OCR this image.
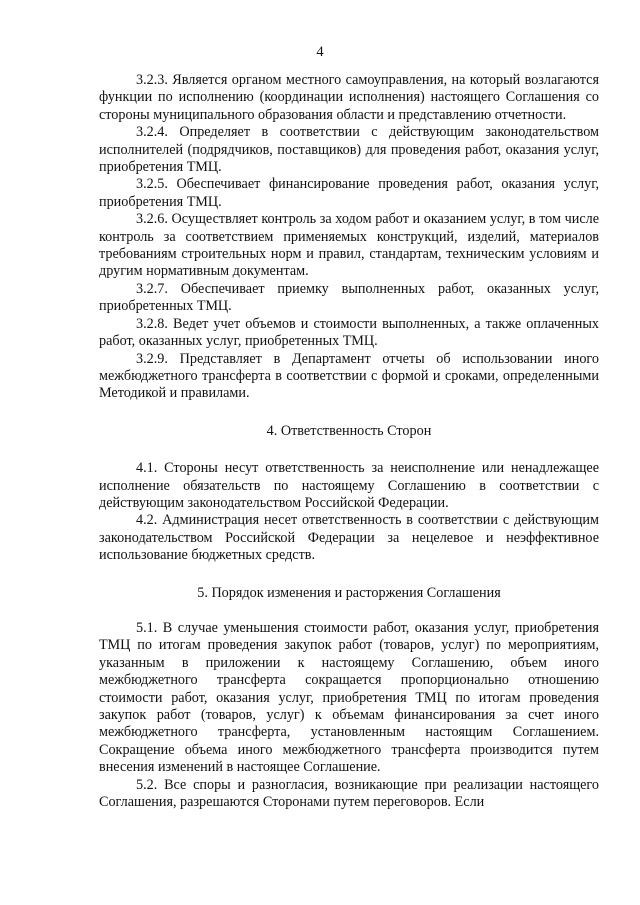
4

3.2.3. Является органом местного самоуправления, на который возлагаются функции по исполнению (координации исполнения) настоящего Соглашения со стороны муниципального образования области и представлению отчетности.

3.2.4. Определяет в соответствии с действующим законодательством исполнителей (подрядчиков, поставщиков) для проведения работ, оказания услуг, приобретения ТМЦ.

3.2.5. Обеспечивает финансирование проведения работ, оказания услуг, приобретения ТМЦ.

3.2.6. Осуществляет контроль за ходом работ и оказанием услуг, в том числе контроль за соответствием применяемых конструкций, изделий, материалов требованиям строительных норм и правил, стандартам, техническим условиям и другим нормативным документам.

3.2.7. Обеспечивает приемку выполненных работ, оказанных услуг, приобретенных ТМЦ.

3.2.8. Ведет учет объемов и стоимости выполненных, а также оплаченных работ, оказанных услуг, приобретенных ТМЦ.

3.2.9. Представляет в Департамент отчеты об использовании иного межбюджетного трансферта в соответствии с формой и сроками, определенными Методикой и правилами.

4. Ответственность Сторон

4.1. Стороны несут ответственность за неисполнение или ненадлежащее исполнение обязательств по настоящему Соглашению в соответствии с действующим законодательством Российской Федерации.

4.2. Администрация несет ответственность в соответствии с действующим законодательством Российской Федерации за нецелевое и неэффективное использование бюджетных средств.

5. Порядок изменения и расторжения Соглашения

5.1. В случае уменьшения стоимости работ, оказания услуг, приобретения ТМЦ по итогам проведения закупок работ (товаров, услуг) по мероприятиям, указанным в приложении к настоящему Соглашению, объем иного межбюджетного трансферта сокращается пропорционально отношению стоимости работ, оказания услуг, приобретения ТМЦ по итогам проведения закупок работ (товаров, услуг) к объемам финансирования за счет иного межбюджетного трансферта, установленным настоящим Соглашением. Сокращение объема иного межбюджетного трансферта производится путем внесения изменений в настоящее Соглашение.

5.2. Все споры и разногласия, возникающие при реализации настоящего Соглашения, разрешаются Сторонами путем переговоров. Если
